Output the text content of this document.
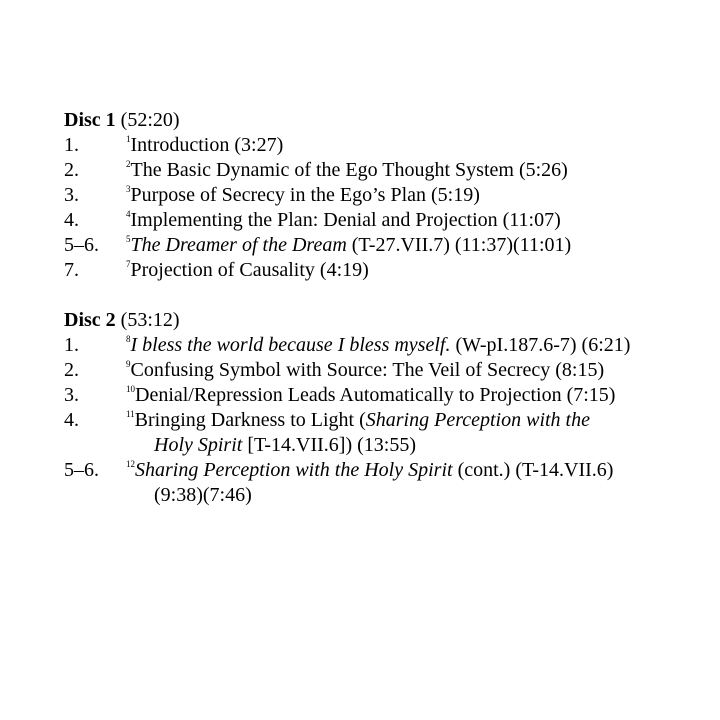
Disc 1 (52:20)
1.	$^1$Introduction (3:27)
2.	$^2$The Basic Dynamic of the Ego Thought System (5:26)
3.	$^3$Purpose of Secrecy in the Ego’s Plan (5:19)
4.	$^4$Implementing the Plan: Denial and Projection (11:07)
5–6.	$^5$The Dreamer of the Dream (T-27.VII.7) (11:37)(11:01)
7.	$^7$Projection of Causality (4:19)
Disc 2 (53:12)
1.	$^8$I bless the world because I bless myself. (W-pI.187.6-7) (6:21)
2.	$^9$Confusing Symbol with Source: The Veil of Secrecy (8:15)
3.	$^{10}$Denial/Repression Leads Automatically to Projection (7:15)
4.	$^{11}$Bringing Darkness to Light (Sharing Perception with the
Holy Spirit [T-14.VII.6]) (13:55)
5–6.	$^{12}$Sharing Perception with the Holy Spirit (cont.) (T-14.VII.6)
(9:38)(7:46)
